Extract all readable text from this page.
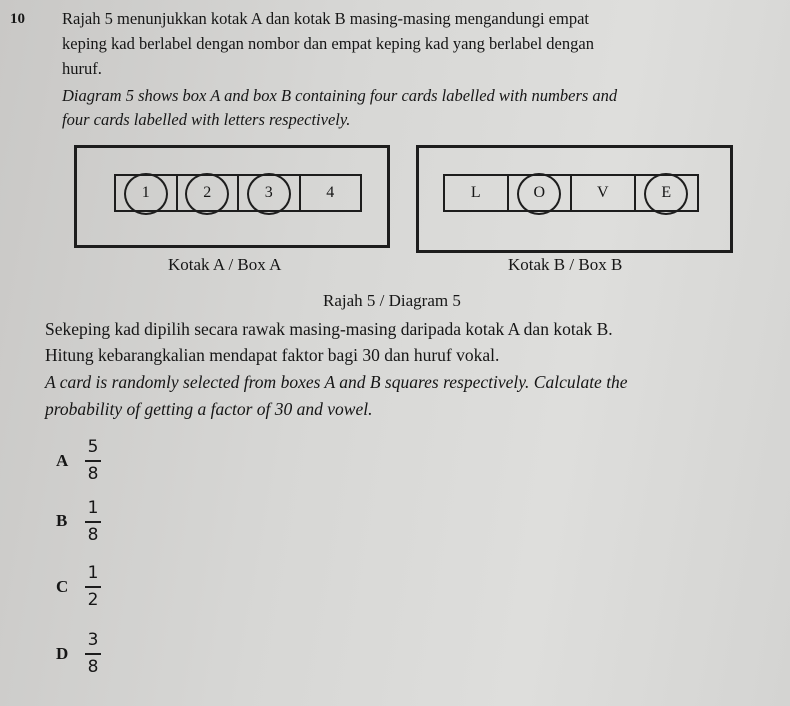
10 Rajah 5 menunjukkan kotak A dan kotak B masing-masing mengandungi empat
keping kad berlabel dengan nombor dan empat keping kad yang berlabel dengan
huruf.
Diagram 5 shows box A and box B containing four cards labelled with numbers and
four cards labelled with letters respectively.
1	2	3	4
Kotak A / Box A
L	O	V	E
Kotak B / Box B
Rajah 5 / Diagram 5
Sekeping kad dipilih secara rawak masing-masing daripada kotak A dan kotak B.
Hitung kebarangkalian mendapat faktor bagi 30 dan huruf vokal.
A card is randomly selected from boxes A and B squares respectively. Calculate the
probability of getting a factor of 30 and vowel.
A
5
8
B
1
8
C
1
2
D
3
8
